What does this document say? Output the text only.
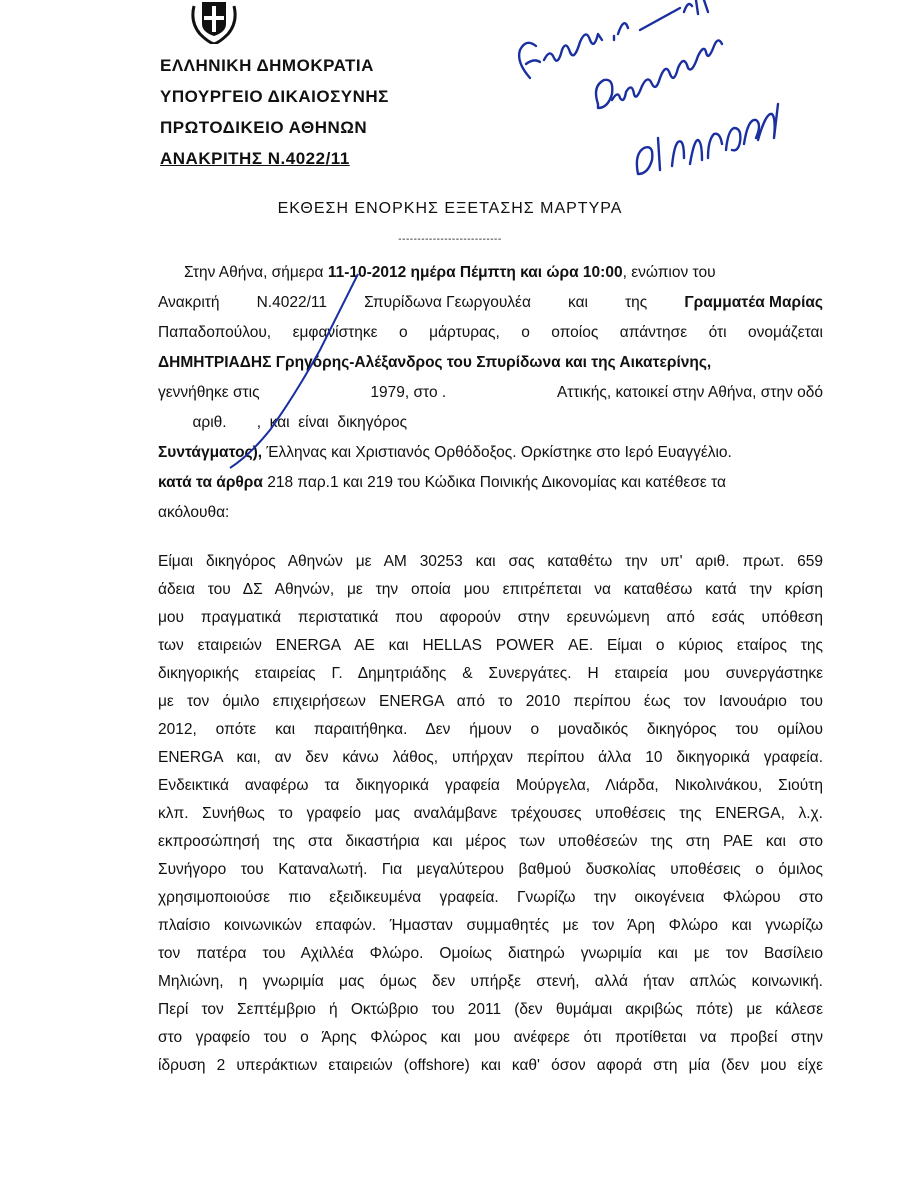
ΕΛΛΗΝΙΚΗ ΔΗΜΟΚΡΑΤΙΑ
ΥΠΟΥΡΓΕΙΟ ΔΙΚΑΙΟΣΥΝΗΣ
ΠΡΩΤΟΔΙΚΕΙΟ ΑΘΗΝΩΝ
ΑΝΑΚΡΙΤΗΣ Ν.4022/11
ΕΚΘΕΣΗ ΕΝΟΡΚΗΣ ΕΞΕΤΑΣΗΣ ΜΑΡΤΥΡΑ
---------------------------
Στην Αθήνα, σήμερα 11-10-2012 ημέρα Πέμπτη και ώρα 10:00 , ενώπιον του
Ανακριτή Ν.4022/11 Σπυρίδωνα Γεωργουλέα και της Γραμματέα Μαρίας
Παπαδοπούλου, εμφανίστηκε ο μάρτυρας, ο οποίος απάντησε ότι ονομάζεται
ΔΗΜΗΤΡΙΑΔΗΣ Γρηγόρης-Αλέξανδρος του Σπυρίδωνα και της Αικατερίνης,
γεννήθηκε στις	1979, στο .	Αττικής, κατοικεί στην Αθήνα, στην οδό
αριθ.       ,  και  είναι  δικηγόρος
Συντάγματος), Έλληνας και Χριστιανός Ορθόδοξος. Ορκίστηκε στο Ιερό Ευαγγέλιο.
κατά τα άρθρα 218 παρ.1 και 219 του Κώδικα Ποινικής Δικονομίας και κατέθεσε τα
ακόλουθα:
Είμαι δικηγόρος Αθηνών με ΑΜ 30253 και σας καταθέτω την υπ' αριθ. πρωτ. 659
άδεια του ΔΣ Αθηνών, με την οποία μου επιτρέπεται να καταθέσω κατά την κρίση
μου πραγματικά περιστατικά που αφορούν στην ερευνώμενη από εσάς υπόθεση
των εταιρειών ENERGA ΑΕ και HELLAS POWER ΑΕ. Είμαι ο κύριος εταίρος της
δικηγορικής εταιρείας Γ. Δημητριάδης & Συνεργάτες. Η εταιρεία μου συνεργάστηκε
με τον όμιλο επιχειρήσεων ENERGA από το 2010 περίπου έως τον Ιανουάριο του
2012, οπότε και παραιτήθηκα. Δεν ήμουν ο μοναδικός δικηγόρος του ομίλου
ENERGA και, αν δεν κάνω λάθος, υπήρχαν περίπου άλλα 10 δικηγορικά γραφεία.
Ενδεικτικά αναφέρω τα δικηγορικά γραφεία Μούργελα, Λιάρδα, Νικολινάκου, Σιούτη
κλπ. Συνήθως το γραφείο μας αναλάμβανε τρέχουσες υποθέσεις της ENERGA, λ.χ.
εκπροσώπησή της στα δικαστήρια και μέρος των υποθέσεών της στη ΡΑΕ και στο
Συνήγορο του Καταναλωτή. Για μεγαλύτερου βαθμού δυσκολίας υποθέσεις ο όμιλος
χρησιμοποιούσε πιο εξειδικευμένα γραφεία. Γνωρίζω την οικογένεια Φλώρου στο
πλαίσιο κοινωνικών επαφών. Ήμασταν συμμαθητές με τον Άρη Φλώρο και γνωρίζω
τον πατέρα του Αχιλλέα Φλώρο. Ομοίως διατηρώ γνωριμία και με τον Βασίλειο
Μηλιώνη, η γνωριμία μας όμως δεν υπήρξε στενή, αλλά ήταν απλώς κοινωνική.
Περί τον Σεπτέμβριο ή Οκτώβριο του 2011 (δεν θυμάμαι ακριβώς πότε) με κάλεσε
στο γραφείο του ο Άρης Φλώρος και μου ανέφερε ότι προτίθεται να προβεί στην
ίδρυση 2 υπεράκτιων εταιρειών (offshore) και καθ' όσον αφορά στη μία (δεν μου είχε
